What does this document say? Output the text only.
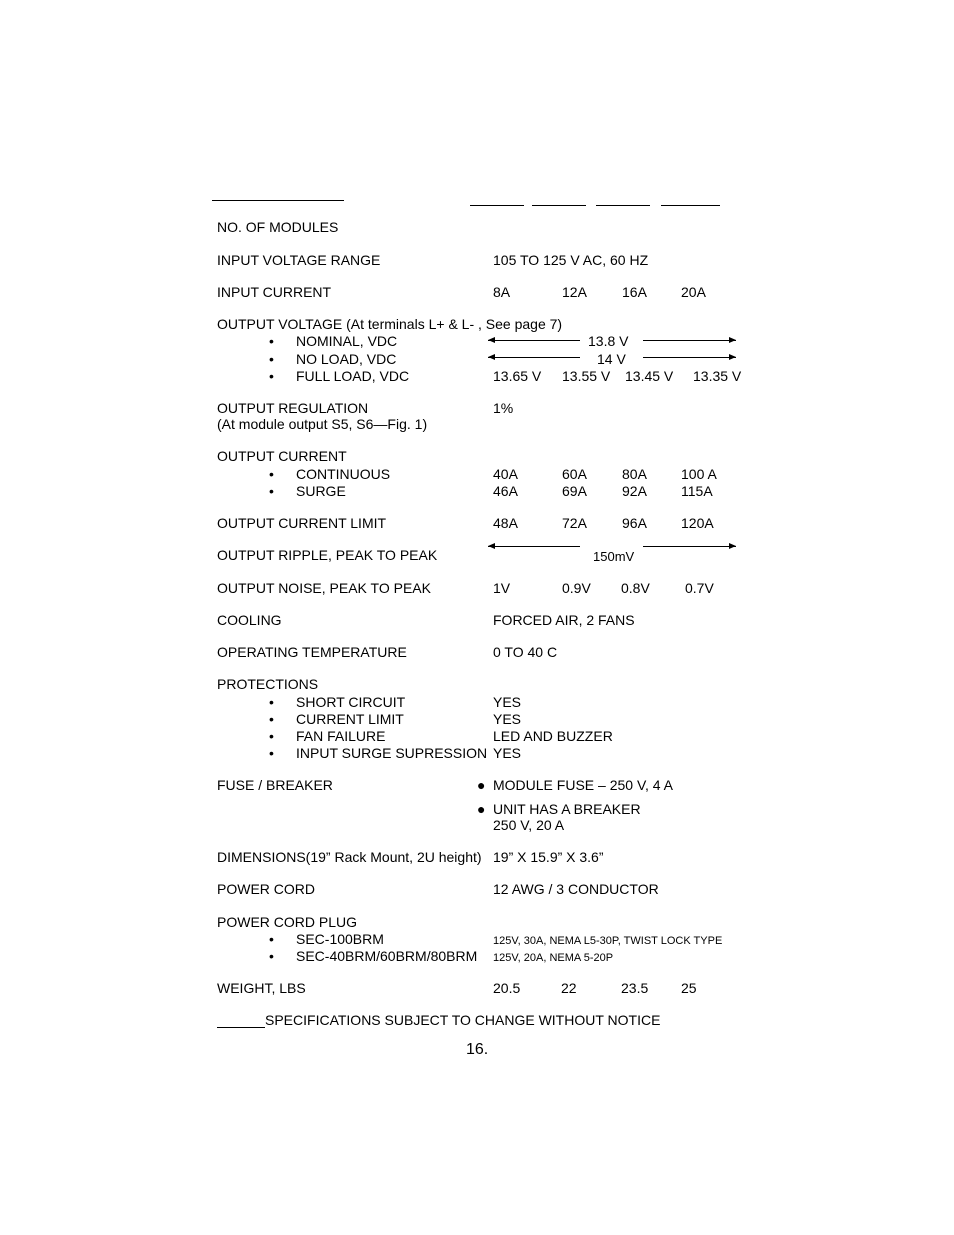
NO. OF MODULES
INPUT VOLTAGE RANGE	105 TO 125 V AC, 60 HZ
INPUT CURRENT	8A	12A	16A 20A
OUTPUT VOLTAGE (At terminals L+ & L- , See page 7)
• NOMINAL, VDC	13.8 V
• NO LOAD, VDC	14 V
• FULL LOAD, VDC	13.65 V 13.55 V 13.45 V 13.35 V
OUTPUT REGULATION	1%
(At module output S5, S6—Fig. 1)
OUTPUT CURRENT
• CONTINUOUS	40A	60A	80A 100 A
• SURGE	46A	69A	92A 115A
OUTPUT CURRENT LIMIT	48A	72A	96A 120A
OUTPUT RIPPLE, PEAK TO PEAK	150mV
OUTPUT NOISE, PEAK TO PEAK	1V	0.9V 0.8V	0.7V
COOLING	FORCED AIR, 2 FANS
OPERATING TEMPERATURE	0 TO 40 C
PROTECTIONS
• SHORT CIRCUIT	YES
• CURRENT LIMIT	YES
• FAN FAILURE	LED AND BUZZER
• INPUT SURGE SUPRESSION YES
FUSE / BREAKER	● MODULE FUSE – 250 V, 4 A
● UNIT HAS A BREAKER
250 V, 20 A
DIMENSIONS(19” Rack Mount, 2U height) 19” X 15.9” X 3.6”
POWER CORD	12 AWG / 3 CONDUCTOR
POWER CORD PLUG
• SEC-100BRM	125V, 30A, NEMA L5-30P, TWIST LOCK TYPE
• SEC-40BRM/60BRM/80BRM 125V, 20A, NEMA 5-20P
WEIGHT, LBS	20.5	22	23.5 25
SPECIFICATIONS SUBJECT TO CHANGE WITHOUT NOTICE
16.
